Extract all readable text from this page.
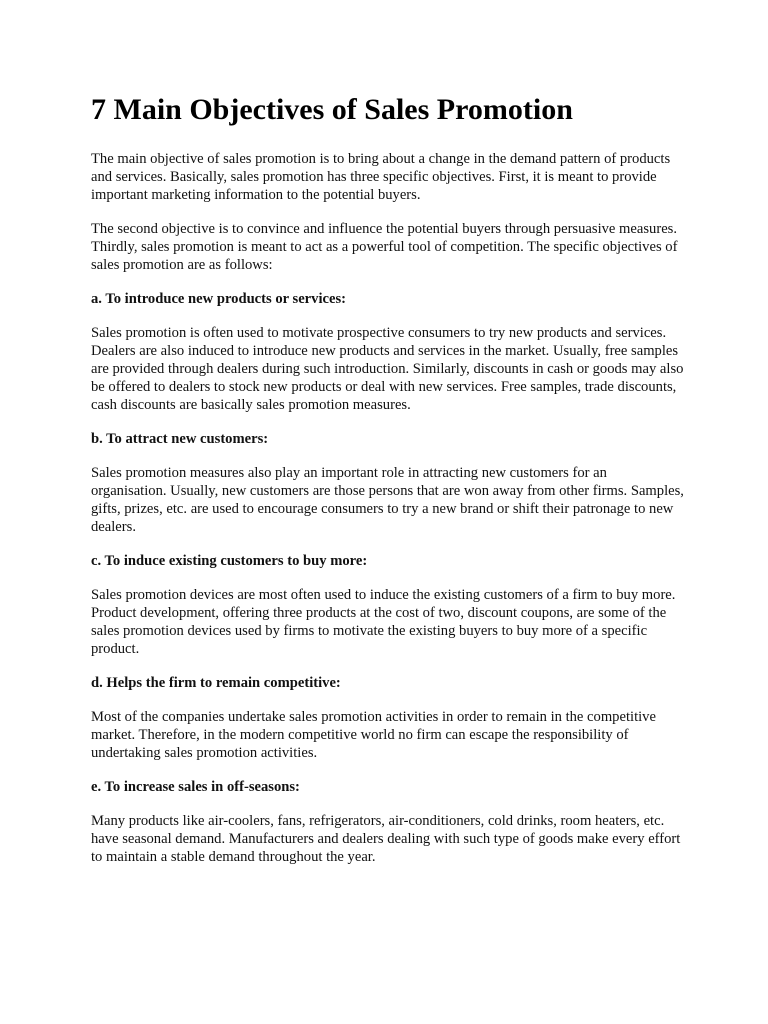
7 Main Objectives of Sales Promotion

The main objective of sales promotion is to bring about a change in the demand pattern of products and services. Basically, sales promotion has three specific objectives. First, it is meant to provide important marketing information to the potential buyers.

The second objective is to convince and influence the potential buyers through persuasive measures. Thirdly, sales promotion is meant to act as a powerful tool of competition. The specific objectives of sales promotion are as follows:

a. To introduce new products or services:

Sales promotion is often used to motivate prospective consumers to try new products and services. Dealers are also induced to introduce new products and services in the market. Usually, free samples are provided through dealers during such introduction. Similarly, discounts in cash or goods may also be offered to dealers to stock new products or deal with new services. Free samples, trade discounts, cash discounts are basically sales promotion measures.

b. To attract new customers:

Sales promotion measures also play an important role in attracting new customers for an organisation. Usually, new customers are those persons that are won away from other firms. Samples, gifts, prizes, etc. are used to encourage consumers to try a new brand or shift their patronage to new dealers.

c. To induce existing customers to buy more:

Sales promotion devices are most often used to induce the existing customers of a firm to buy more. Product development, offering three products at the cost of two, discount coupons, are some of the sales promotion devices used by firms to motivate the existing buyers to buy more of a specific product.

d. Helps the firm to remain competitive:

Most of the companies undertake sales promotion activities in order to remain in the competitive market. Therefore, in the modern competitive world no firm can escape the responsibility of undertaking sales promotion activities.

e. To increase sales in off-seasons:

Many products like air-coolers, fans, refrigerators, air-conditioners, cold drinks, room heaters, etc. have seasonal demand. Manufacturers and dealers dealing with such type of goods make every effort to maintain a stable demand throughout the year.
